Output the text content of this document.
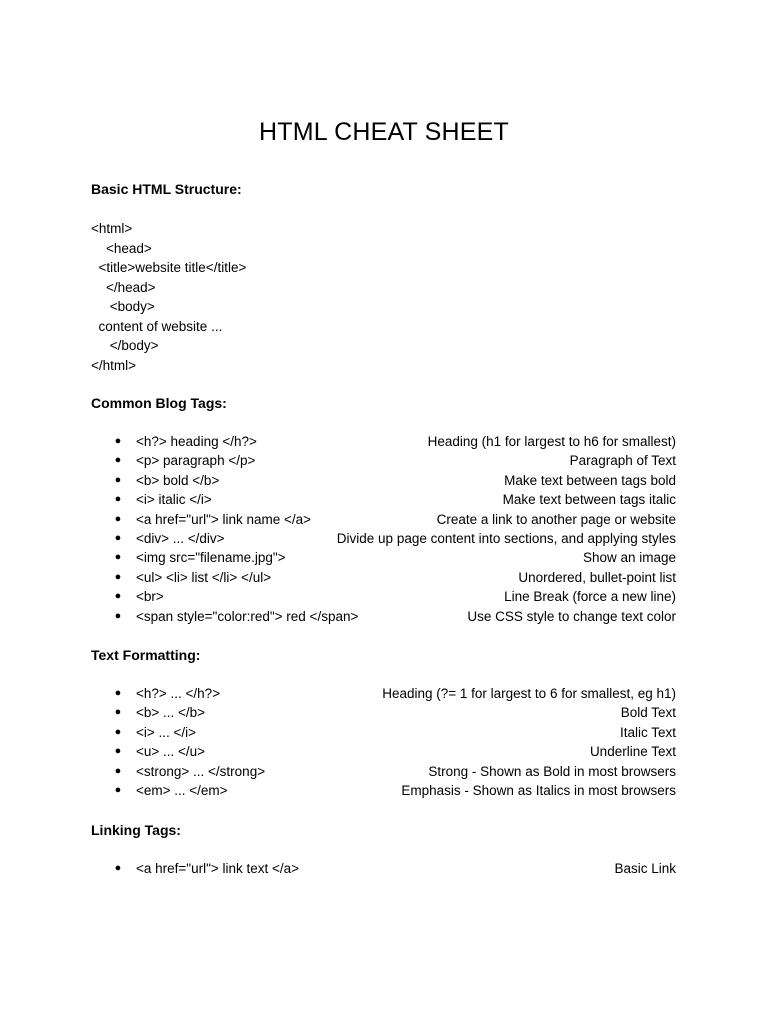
HTML CHEAT SHEET
Basic HTML Structure:
<html>
<head>
<title>website title</title>
</head>
<body>
content of website ...
</body>
</html>
Common Blog Tags:
● <h?> heading </h?>	Heading (h1 for largest to h6 for smallest)
● <p> paragraph </p>	Paragraph of Text
● <b> bold </b>	Make text between tags bold
● <i> italic </i>	Make text between tags italic
● <a href="url"> link name </a>	Create a link to another page or website
● <div> ... </div>	Divide up page content into sections, and applying styles
● <img src="filename.jpg">	Show an image
● <ul> <li> list </li> </ul>	Unordered, bullet-point list
● <br>	Line Break (force a new line)
● <span style="color:red"> red </span>	Use CSS style to change text color
Text Formatting:
● <h?> ... </h?>	Heading (?= 1 for largest to 6 for smallest, eg h1)
● <b> ... </b>	Bold Text
● <i> ... </i>	Italic Text
● <u> ... </u>	Underline Text
● <strong> ... </strong>	Strong - Shown as Bold in most browsers
● <em> ... </em>	Emphasis - Shown as Italics in most browsers
Linking Tags:
● <a href="url"> link text </a>	Basic Link
